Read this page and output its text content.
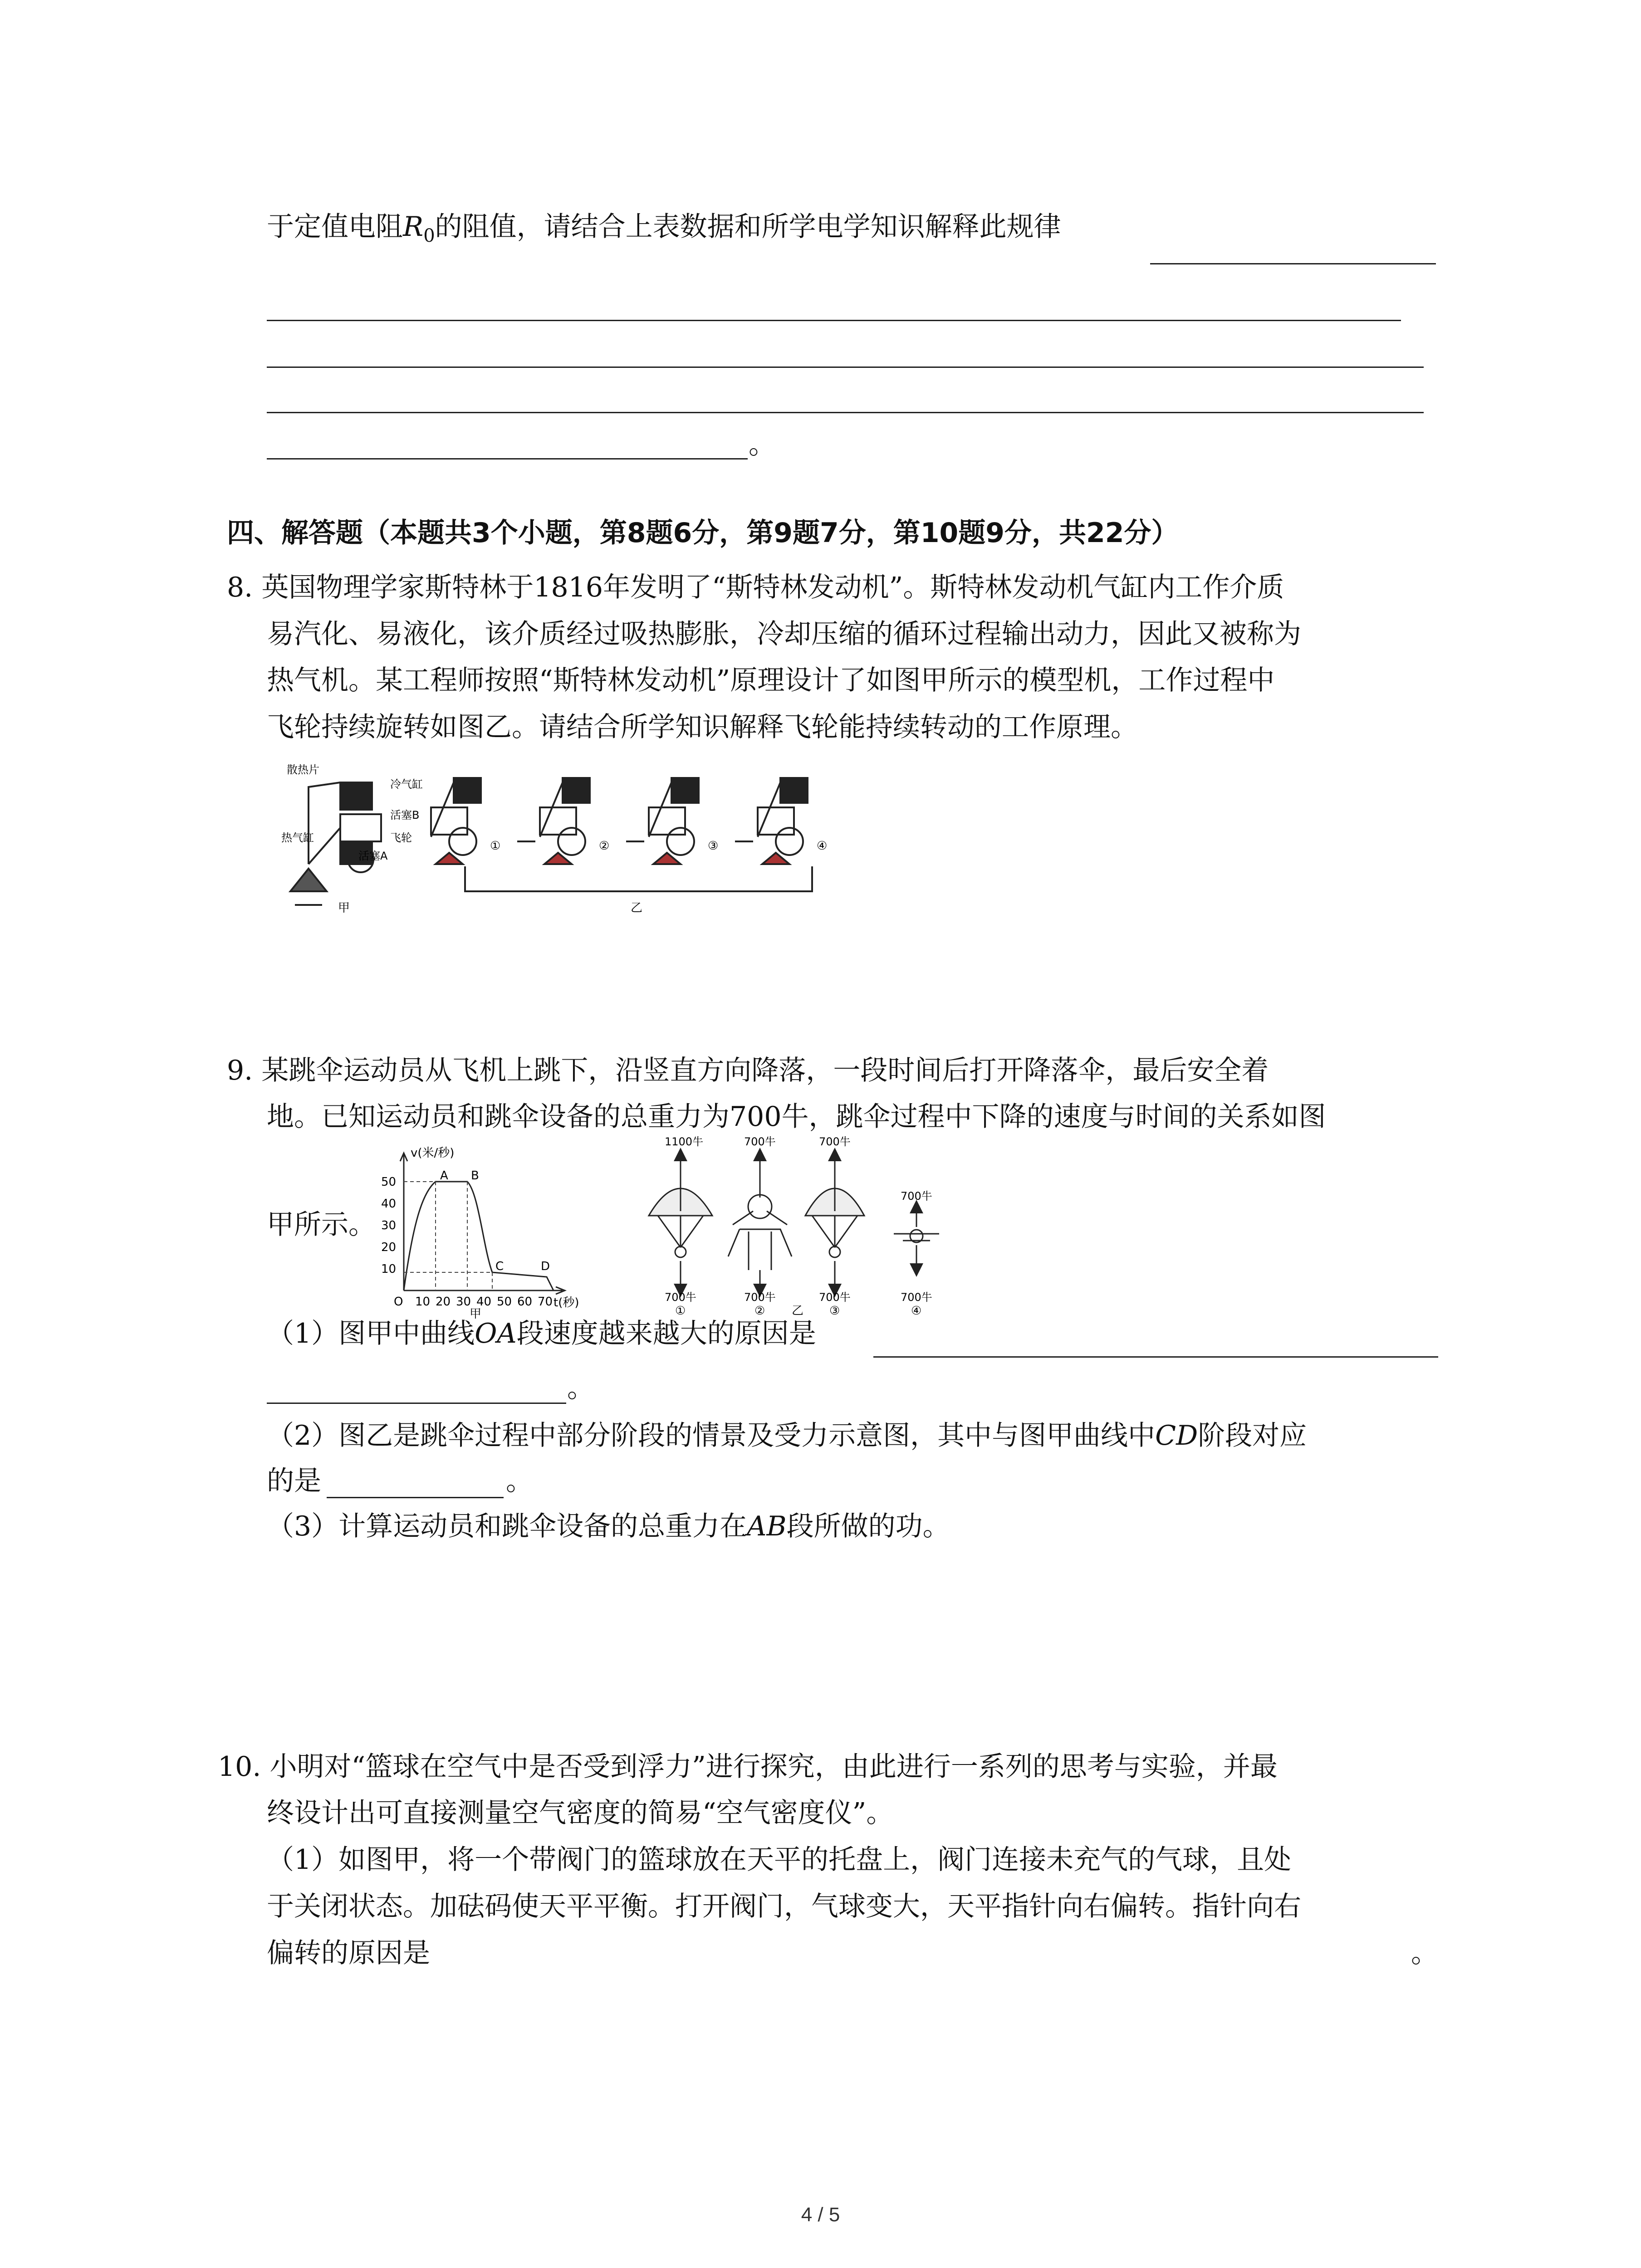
于定值电阻$R_0$的阻值，请结合上表数据和所学电学知识解释此规律
。
四、解答题（本题共3个小题，第8题6分，第9题7分，第10题9分，共22分）
8. 英国物理学家斯特林于1816年发明了“斯特林发动机”。斯特林发动机气缸内工作介质
易汽化、易液化，该介质经过吸热膨胀，冷却压缩的循环过程输出动力，因此又被称为
热气机。某工程师按照“斯特林发动机”原理设计了如图甲所示的模型机，工作过程中
飞轮持续旋转如图乙。请结合所学知识解释飞轮能持续转动的工作原理。
散热片
冷气缸
活塞B
热气缸	飞轮
活塞A
甲
①	②	③	④
乙
9. 某跳伞运动员从飞机上跳下，沿竖直方向降落，一段时间后打开降落伞，最后安全着
地。已知运动员和跳伞设备的总重力为700牛，跳伞过程中下降的速度与时间的关系如图
甲所示。
v(米/秒)
t(秒)
50
40
30
20
10
O 10 20 30 40 50 60 70
A B
C	D
甲
1100牛	700牛	700牛
700牛
700牛	700牛	700牛	700牛
①	②	③	④
乙
（1）图甲中曲线OA段速度越来越大的原因是
。
（2）图乙是跳伞过程中部分阶段的情景及受力示意图，其中与图甲曲线中CD阶段对应
的是	。
（3）计算运动员和跳伞设备的总重力在AB段所做的功。
10. 小明对“篮球在空气中是否受到浮力”进行探究，由此进行一系列的思考与实验，并最
终设计出可直接测量空气密度的简易“空气密度仪”。
（1）如图甲，将一个带阀门的篮球放在天平的托盘上，阀门连接未充气的气球，且处
于关闭状态。加砝码使天平平衡。打开阀门，气球变大，天平指针向右偏转。指针向右
偏转的原因是	。
4 / 5
